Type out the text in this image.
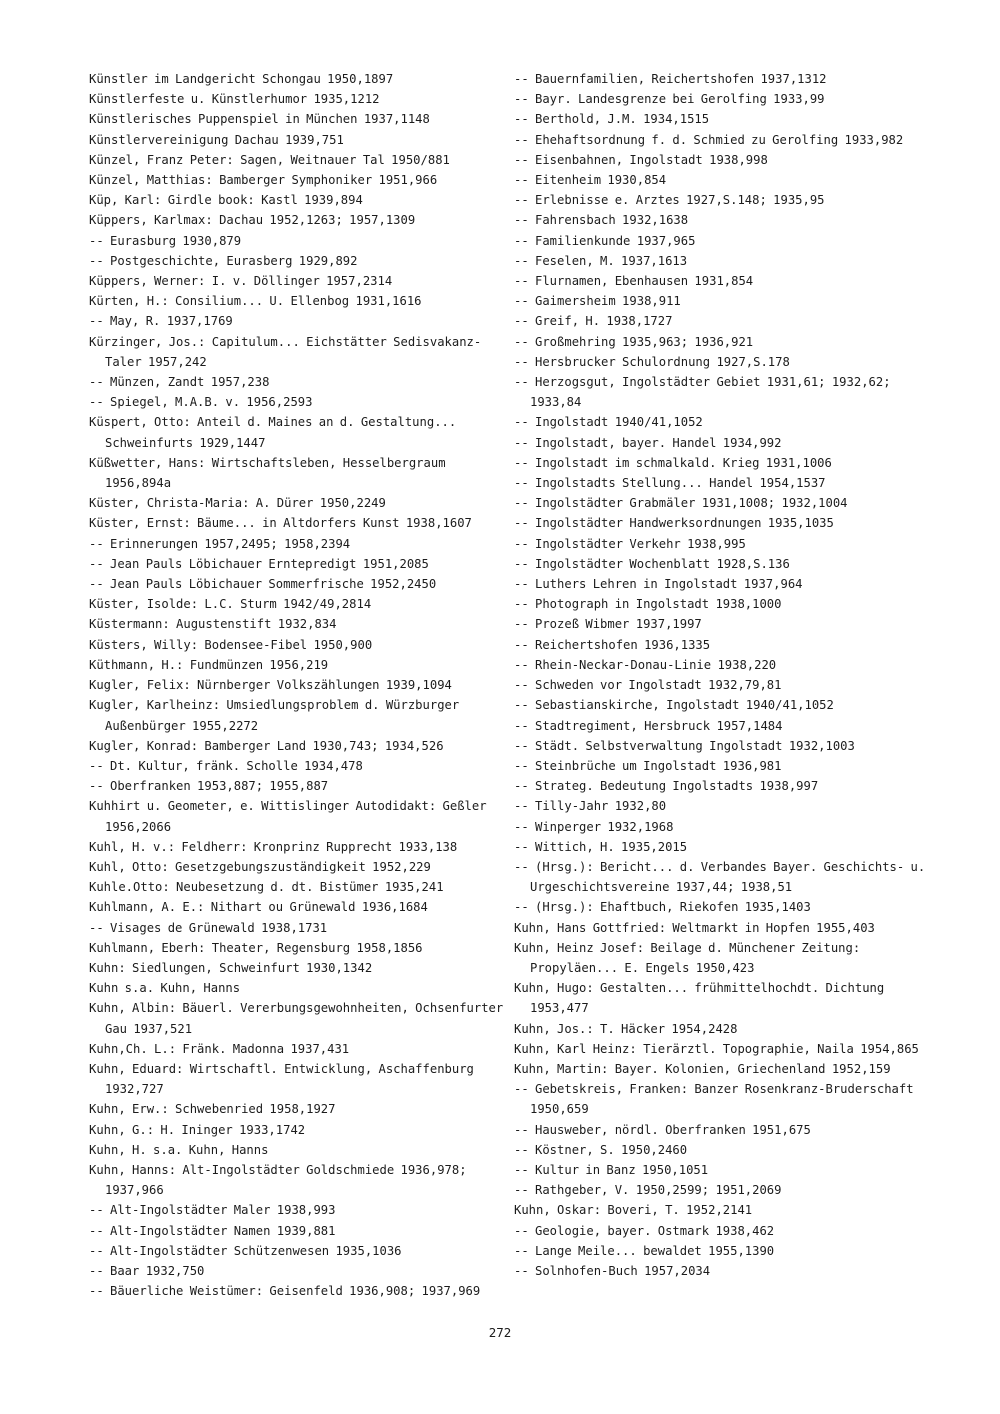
Künstler im Landgericht Schongau 1950,1897
Künstlerfeste u. Künstlerhumor 1935,1212
Künstlerisches Puppenspiel in München 1937,1148
Künstlervereinigung Dachau 1939,751
Künzel, Franz Peter: Sagen, Weitnauer Tal 1950/881
Künzel, Matthias: Bamberger Symphoniker 1951,966
Küp, Karl: Girdle book: Kastl 1939,894
Küppers, Karlmax: Dachau 1952,1263; 1957,1309
-- Eurasburg 1930,879
-- Postgeschichte, Eurasberg 1929,892
Küppers, Werner: I. v. Döllinger 1957,2314
Kürten, H.: Consilium... U. Ellenbog 1931,1616
-- May, R. 1937,1769
Kürzinger, Jos.: Capitulum... Eichstätter Sedisvakanz-Taler 1957,242
-- Münzen, Zandt 1957,238
-- Spiegel, M.A.B. v. 1956,2593
Küspert, Otto: Anteil d. Maines an d. Gestaltung... Schweinfurts 1929,1447
Küßwetter, Hans: Wirtschaftsleben, Hesselbergraum 1956,894a
Küster, Christa-Maria: A. Dürer 1950,2249
Küster, Ernst: Bäume... in Altdorfers Kunst 1938,1607
-- Erinnerungen 1957,2495; 1958,2394
-- Jean Pauls Löbichauer Erntepredigt 1951,2085
-- Jean Pauls Löbichauer Sommerfrische 1952,2450
Küster, Isolde: L.C. Sturm 1942/49,2814
Küstermann: Augustenstift 1932,834
Küsters, Willy: Bodensee-Fibel 1950,900
Küthmann, H.: Fundmünzen 1956,219
Kugler, Felix: Nürnberger Volkszählungen 1939,1094
Kugler, Karlheinz: Umsiedlungsproblem d. Würzburger Außenbürger 1955,2272
Kugler, Konrad: Bamberger Land 1930,743; 1934,526
-- Dt. Kultur, fränk. Scholle 1934,478
-- Oberfranken 1953,887; 1955,887
Kuhhirt u. Geometer, e. Wittislinger Autodidakt: Geßler 1956,2066
Kuhl, H. v.: Feldherr: Kronprinz Rupprecht 1933,138
Kuhl, Otto: Gesetzgebungszuständigkeit 1952,229
Kuhle.Otto: Neubesetzung d. dt. Bistümer 1935,241
Kuhlmann, A. E.: Nithart ou Grünewald 1936,1684
-- Visages de Grünewald 1938,1731
Kuhlmann, Eberh: Theater, Regensburg 1958,1856
Kuhn: Siedlungen, Schweinfurt 1930,1342
Kuhn s.a. Kuhn, Hanns
Kuhn, Albin: Bäuerl. Vererbungsgewohnheiten, Ochsenfurter Gau 1937,521
Kuhn,Ch. L.: Fränk. Madonna 1937,431
Kuhn, Eduard: Wirtschaftl. Entwicklung, Aschaffenburg 1932,727
Kuhn, Erw.: Schwebenried 1958,1927
Kuhn, G.: H. Ininger 1933,1742
Kuhn, H. s.a. Kuhn, Hanns
Kuhn, Hanns: Alt-Ingolstädter Goldschmiede 1936,978; 1937,966
-- Alt-Ingolstädter Maler 1938,993
-- Alt-Ingolstädter Namen 1939,881
-- Alt-Ingolstädter Schützenwesen 1935,1036
-- Baar 1932,750
-- Bäuerliche Weistümer: Geisenfeld 1936,908; 1937,969
-- Bauernfamilien, Reichertshofen 1937,1312
-- Bayr. Landesgrenze bei Gerolfing 1933,99
-- Berthold, J.M. 1934,1515
-- Ehehaftsordnung f. d. Schmied zu Gerolfing 1933,982
-- Eisenbahnen, Ingolstadt 1938,998
-- Eitenheim 1930,854
-- Erlebnisse e. Arztes 1927,S.148; 1935,95
-- Fahrensbach 1932,1638
-- Familienkunde 1937,965
-- Feselen, M. 1937,1613
-- Flurnamen, Ebenhausen 1931,854
-- Gaimersheim 1938,911
-- Greif, H. 1938,1727
-- Großmehring 1935,963; 1936,921
-- Hersbrucker Schulordnung 1927,S.178
-- Herzogsgut, Ingolstädter Gebiet 1931,61; 1932,62; 1933,84
-- Ingolstadt 1940/41,1052
-- Ingolstadt, bayer. Handel 1934,992
-- Ingolstadt im schmalkald. Krieg 1931,1006
-- Ingolstadts Stellung... Handel 1954,1537
-- Ingolstädter Grabmäler 1931,1008; 1932,1004
-- Ingolstädter Handwerksordnungen 1935,1035
-- Ingolstädter Verkehr 1938,995
-- Ingolstädter Wochenblatt 1928,S.136
-- Luthers Lehren in Ingolstadt 1937,964
-- Photograph in Ingolstadt 1938,1000
-- Prozeß Wibmer 1937,1997
-- Reichertshofen 1936,1335
-- Rhein-Neckar-Donau-Linie 1938,220
-- Schweden vor Ingolstadt 1932,79,81
-- Sebastianskirche, Ingolstadt 1940/41,1052
-- Stadtregiment, Hersbruck 1957,1484
-- Städt. Selbstverwaltung Ingolstadt 1932,1003
-- Steinbrüche um Ingolstadt 1936,981
-- Strateg. Bedeutung Ingolstadts 1938,997
-- Tilly-Jahr 1932,80
-- Winperger 1932,1968
-- Wittich, H. 1935,2015
-- (Hrsg.): Bericht... d. Verbandes Bayer. Geschichts- u. Urgeschichtsvereine 1937,44; 1938,51
-- (Hrsg.): Ehaftbuch, Riekofen 1935,1403
Kuhn, Hans Gottfried: Weltmarkt in Hopfen 1955,403
Kuhn, Heinz Josef: Beilage d. Münchener Zeitung: Propyläen... E. Engels 1950,423
Kuhn, Hugo: Gestalten... frühmittelhochdt. Dichtung 1953,477
Kuhn, Jos.: T. Häcker 1954,2428
Kuhn, Karl Heinz: Tierärztl. Topographie, Naila 1954,865
Kuhn, Martin: Bayer. Kolonien, Griechenland 1952,159
-- Gebetskreis, Franken: Banzer Rosenkranz-Bruderschaft 1950,659
-- Hausweber, nördl. Oberfranken 1951,675
-- Köstner, S. 1950,2460
-- Kultur in Banz 1950,1051
-- Rathgeber, V. 1950,2599; 1951,2069
Kuhn, Oskar: Boveri, T. 1952,2141
-- Geologie, bayer. Ostmark 1938,462
-- Lange Meile... bewaldet 1955,1390
-- Solnhofen-Buch 1957,2034
272
